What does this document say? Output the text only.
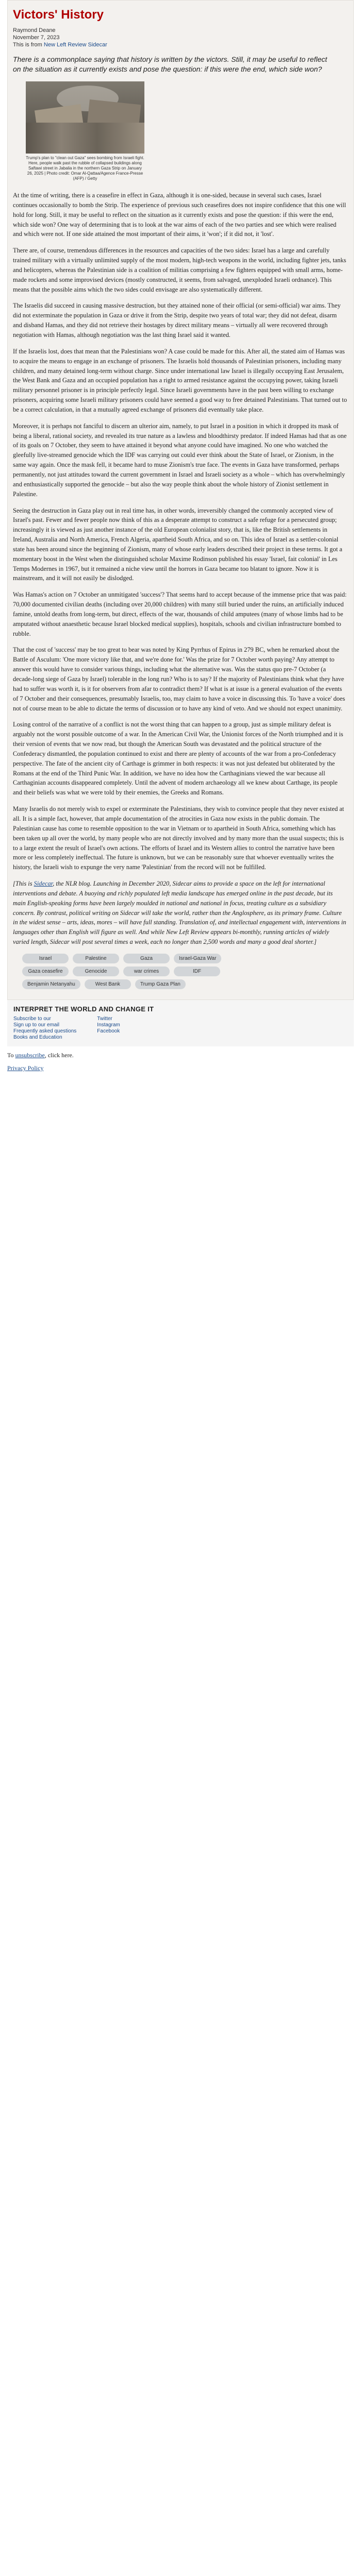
Victors' History
Raymond Deane
November 7, 2023
This is from New Left Review Sidecar
There is a commonplace saying that history is written by the victors. Still, it may be useful to reflect on the situation as it currently exists and pose the question: if this were the end, which side won?
Trump's plan to "clean out Gaza" sees bombing from Israeli fight. Here, people walk past the rubble of collapsed buildings along Saftawi street in Jabalia in the northern Gaza Strip on January 26, 2025 | Photo credit: Omar Al-Qattaa/Agence France-Presse (AFP) / Getty

At the time of writing, there is a ceasefire in effect in Gaza, although it is one-sided, because in several such cases, Israel continues occasionally to bomb the Strip. The experience of previous such ceasefires does not inspire confidence that this one will hold for long. Still, it may be useful to reflect on the situation as it currently exists and pose the question: if this were the end, which side won? One way of determining that is to look at the war aims of each of the two parties and see which were realised and which were not. If one side attained the most important of their aims, it 'won'; if it did not, it 'lost'.

There are, of course, tremendous differences in the resources and capacities of the two sides: Israel has a large and carefully trained military with a virtually unlimited supply of the most modern, high-tech weapons in the world, including fighter jets, tanks and helicopters, whereas the Palestinian side is a coalition of militias comprising a few fighters equipped with small arms, home-made rockets and some improvised devices (mostly constructed, it seems, from salvaged, unexploded Israeli ordnance). This means that the possible aims which the two sides could envisage are also systematically different.

The Israelis did succeed in causing massive destruction, but they attained none of their official (or semi-official) war aims. They did not exterminate the population in Gaza or drive it from the Strip, despite two years of total war; they did not defeat, disarm and disband Hamas, and they did not retrieve their hostages by direct military means – virtually all were recovered through negotiation with Hamas, although negotiation was the last thing Israel said it wanted.

If the Israelis lost, does that mean that the Palestinians won? A case could be made for this. After all, the stated aim of Hamas was to acquire the means to engage in an exchange of prisoners. The Israelis hold thousands of Palestinian prisoners, including many children, and many detained long-term without charge. Since under international law Israel is illegally occupying East Jerusalem, the West Bank and Gaza and an occupied population has a right to armed resistance against the occupying power, taking Israeli military personnel prisoner is in principle perfectly legal. Since Israeli governments have in the past been willing to exchange prisoners, acquiring some Israeli military prisoners could have seemed a good way to free detained Palestinians. That turned out to be a correct calculation, in that a mutually agreed exchange of prisoners did eventually take place.

Moreover, it is perhaps not fanciful to discern an ulterior aim, namely, to put Israel in a position in which it dropped its mask of being a liberal, rational society, and revealed its true nature as a lawless and bloodthirsty predator. If indeed Hamas had that as one of its goals on 7 October, they seem to have attained it beyond what anyone could have imagined. No one who watched the gleefully live-streamed genocide which the IDF was carrying out could ever think about the State of Israel, or Zionism, in the same way again. Once the mask fell, it became hard to muse Zionism's true face. The events in Gaza have transformed, perhaps permanently, not just attitudes toward the current government in Israel and Israeli society as a whole – which has overwhelmingly and enthusiastically supported the genocide – but also the way people think about the whole history of Zionist settlement in Palestine.

Seeing the destruction in Gaza play out in real time has, in other words, irreversibly changed the commonly accepted view of Israel's past. Fewer and fewer people now think of this as a desperate attempt to construct a safe refuge for a persecuted group; increasingly it is viewed as just another instance of the old European colonialist story, that is, like the British settlements in Ireland, Australia and North America, French Algeria, apartheid South Africa, and so on. This idea of Israel as a settler-colonial state has been around since the beginning of Zionism, many of whose early leaders described their project in these terms. It got a momentary boost in the West when the distinguished scholar Maxime Rodinson published his essay 'Israel, fait colonial' in Les Temps Modernes in 1967, but it remained a niche view until the horrors in Gaza became too blatant to ignore. Now it is mainstream, and it will not easily be dislodged.

Was Hamas's action on 7 October an unmitigated 'success'? That seems hard to accept because of the immense price that was paid: 70,000 documented civilian deaths (including over 20,000 children) with many still buried under the ruins, an artificially induced famine, untold deaths from long-term, but direct, effects of the war, thousands of child amputees (many of whose limbs had to be amputated without anaesthetic because Israel blocked medical supplies), hospitals, schools and civilian infrastructure bombed to rubble.

That the cost of 'success' may be too great to bear was noted by King Pyrrhus of Epirus in 279 BC, when he remarked about the Battle of Asculum: 'One more victory like that, and we're done for.' Was the prize for 7 October worth paying? Any attempt to answer this would have to consider various things, including what the alternative was. Was the status quo pre-7 October (a decade-long siege of Gaza by Israel) tolerable in the long run? Who is to say? If the majority of Palestinians think what they have had to suffer was worth it, is it for observers from afar to contradict them? If what is at issue is a general evaluation of the events of 7 October and their consequences, presumably Israelis, too, may claim to have a voice in discussing this. To 'have a voice' does not of course mean to be able to dictate the terms of discussion or to have any kind of veto. And we should not expect unanimity.

Losing control of the narrative of a conflict is not the worst thing that can happen to a group, just as simple military defeat is arguably not the worst possible outcome of a war. In the American Civil War, the Unionist forces of the North triumphed and it is their version of events that we now read, but though the American South was devastated and the political structure of the Confederacy dismantled, the population continued to exist and there are plenty of accounts of the war from a pro-Confederacy perspective. The fate of the ancient city of Carthage is grimmer in both respects: it was not just defeated but obliterated by the Romans at the end of the Third Punic War. In addition, we have no idea how the Carthaginians viewed the war because all Carthaginian accounts disappeared completely. Until the advent of modern archaeology all we knew about Carthage, its people and their beliefs was what we were told by their enemies, the Greeks and Romans.

Many Israelis do not merely wish to expel or exterminate the Palestinians, they wish to convince people that they never existed at all. It is a simple fact, however, that ample documentation of the atrocities in Gaza now exists in the public domain. The Palestinian cause has come to resemble opposition to the war in Vietnam or to apartheid in South Africa, something which has been taken up all over the world, by many people who are not directly involved and by many more than the usual suspects; this is to a large extent the result of Israel's own actions. The efforts of Israel and its Western allies to control the narrative have been more or less completely ineffectual. The future is unknown, but we can be reasonably sure that whoever eventually writes the history, the Israeli wish to expunge the very name 'Palestinian' from the record will not be fulfilled.

[This is Sidecar, the NLR blog. Launching in December 2020, Sidecar aims to provide a space on the left for international interventions and debate. A buoying and richly populated left media landscape has emerged online in the past decade, but its main English-speaking forms have been largely moulded in national and national in focus, treating culture as a subsidiary concern. By contrast, political writing on Sidecar will take the world, rather than the Anglosphere, as its primary frame. Culture in the widest sense – arts, ideas, mores – will have full standing. Translation of, and intellectual engagement with, interventions in languages other than English will figure as well. And while New Left Review appears bi-monthly, running articles of widely varied length, Sidecar will post several times a week, each no longer than 2,500 words and many a good deal shorter.]

Israel	Palestine	Gaza	Israel-Gaza War
Gaza ceasefire	Genocide	war crimes	IDF
Benjamin Netanyahu	West Bank	Trump Gaza Plan
INTERPRET THE WORLD AND CHANGE IT
Subscribe to our
Sign up to our email
Frequently asked questions
Books and Education
Twitter
Instagram
Facebook
To unsubscribe, click here.
Privacy Policy
